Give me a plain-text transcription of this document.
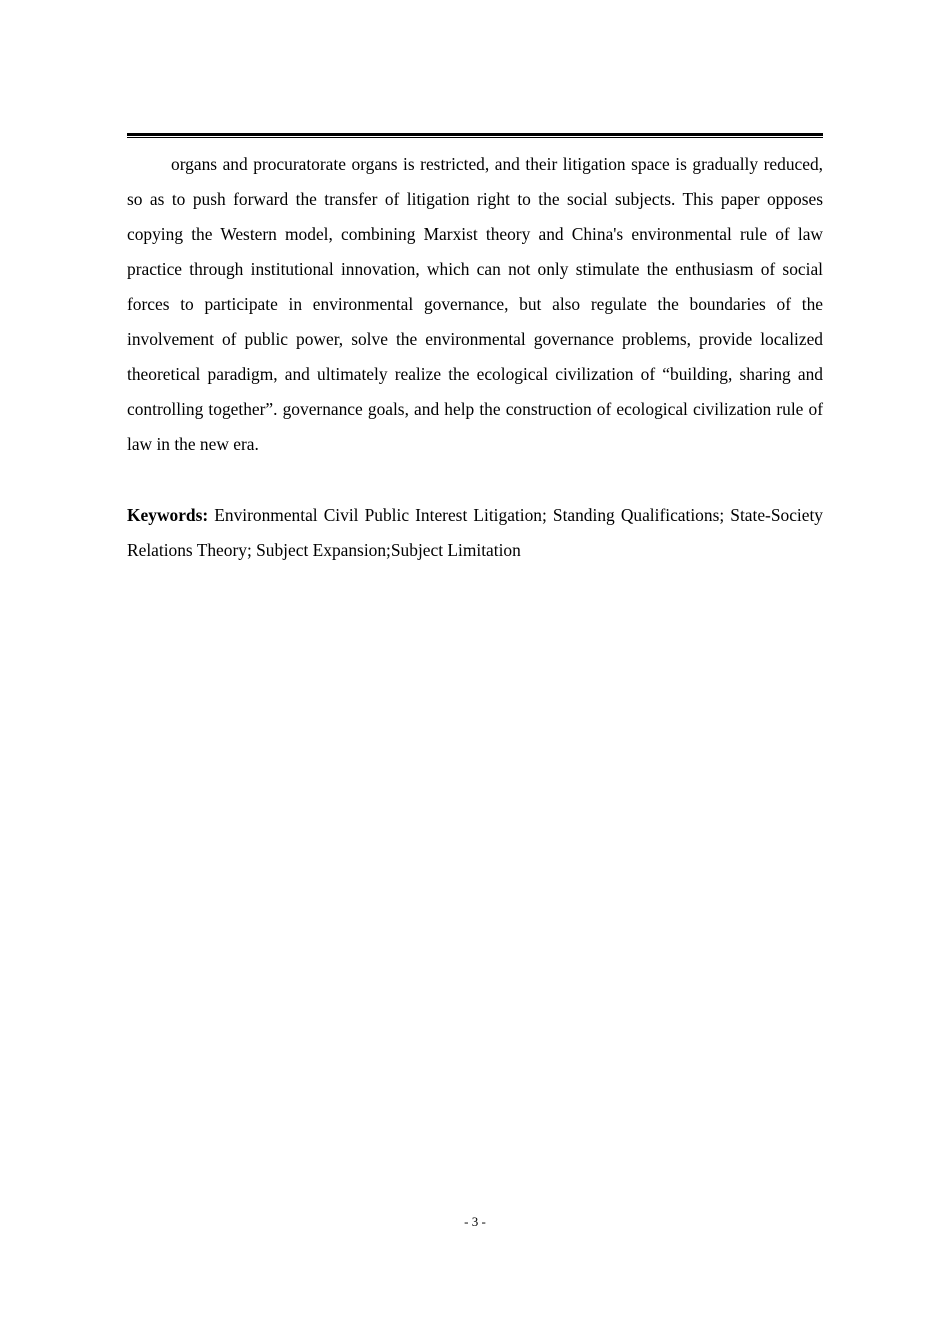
organs and procuratorate organs is restricted, and their litigation space is gradually reduced, so as to push forward the transfer of litigation right to the social subjects. This paper opposes copying the Western model, combining Marxist theory and China's environmental rule of law practice through institutional innovation, which can not only stimulate the enthusiasm of social forces to participate in environmental governance, but also regulate the boundaries of the involvement of public power, solve the environmental governance problems, provide localized theoretical paradigm, and ultimately realize the ecological civilization of “building, sharing and controlling together”. governance goals, and help the construction of ecological civilization rule of law in the new era.

Keywords: Environmental Civil Public Interest Litigation; Standing Qualifications; State-Society Relations Theory; Subject Expansion;Subject Limitation

- 3 -
